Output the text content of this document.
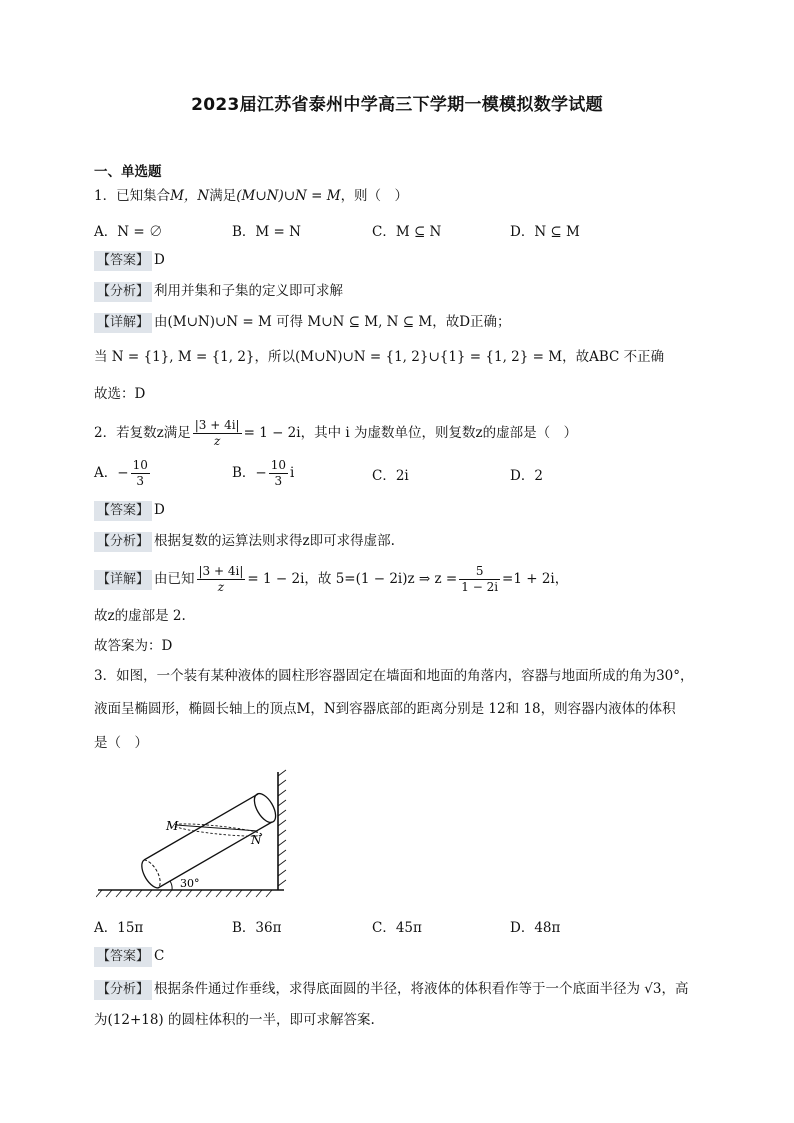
2023届江苏省泰州中学高三下学期一模模拟数学试题
一、单选题
1．已知集合M，N满足(M∪N)∪N = M，则（　）
A．N = ∅	B．M = N	C．M ⊆ N	D．N ⊆ M
【答案】 D
【分析】 利用并集和子集的定义即可求解
【详解】 由(M∪N)∪N = M 可得 M∪N ⊆ M, N ⊆ M，故D正确；
当 N = {1}, M = {1, 2}，所以(M∪N)∪N = {1, 2}∪{1} = {1, 2} = M，故ABC 不正确
故选：D
2．若复数z满足 $\frac{|3 + 4i|}{z} = 1 - 2i$，其中 i 为虚数单位，则复数z的虚部是（　）
A．− $\frac{10}{3}$	B．− $\frac{10}{3}$ i	C．2i	D．2
【答案】 D
【分析】 根据复数的运算法则求得z即可求得虚部.
【详解】 由已知 $\frac{|3 + 4i|}{z} = 1 - 2i$，故 5=(1 − 2i)z ⇒ $z = \frac{5}{1 - 2i} =1 + 2i$，
故z的虚部是 2.
故答案为：D
3．如图，一个装有某种液体的圆柱形容器固定在墙面和地面的角落内，容器与地面所成的角为30°，
液面呈椭圆形，椭圆长轴上的顶点M，N到容器底部的距离分别是 12和 18，则容器内液体的体积
是（　）
M
N
30°
A．15π	B．36π	C．45π	D．48π
【答案】 C
【分析】 根据条件通过作垂线，求得底面圆的半径，将液体的体积看作等于一个底面半径为 √3，高
为(12+18) 的圆柱体积的一半，即可求解答案.
